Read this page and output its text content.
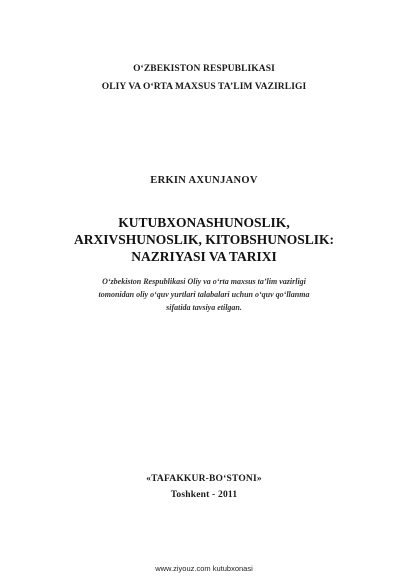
O‘ZBEKISTON RESPUBLIKASI
OLIY VA O‘RTA MAXSUS TA’LIM VAZIRLIGI
ERKIN AXUNJANOV
KUTUBXONASHUNOSLIK,
ARXIVSHUNOSLIK, KITOBSHUNOSLIK:
NAZRIYASI VA TARIXI
O‘zbekiston Respublikasi Oliy va o‘rta maxsus ta’lim vazirligi
tomonidan oliy o‘quv yurtlari talabalari uchun o‘quv qo‘llanma
sifatida tavsiya etilgan.
«TAFAKKUR-BO‘STONI»
Toshkent - 2011
www.ziyouz.com kutubxonasi
